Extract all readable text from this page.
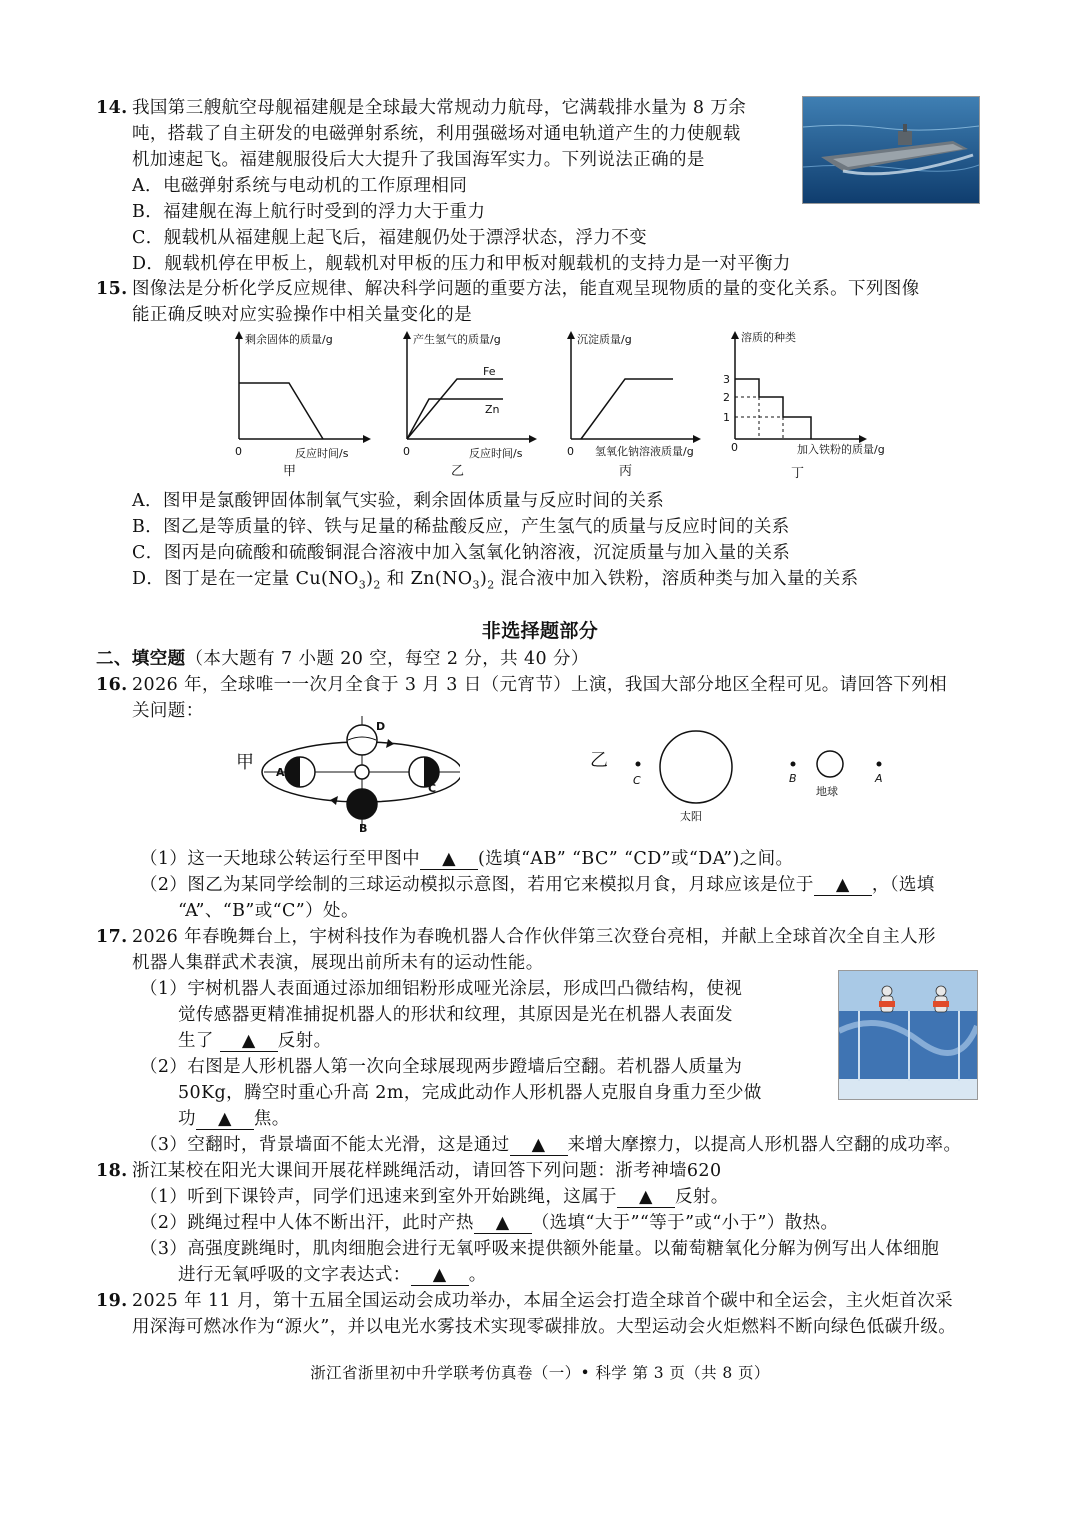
14. 我国第三艘航空母舰福建舰是全球最大常规动力航母，它满载排水量为 8 万余
吨，搭载了自主研发的电磁弹射系统，利用强磁场对通电轨道产生的力使舰载
机加速起飞。福建舰服役后大大提升了我国海军实力。下列说法正确的是
A．电磁弹射系统与电动机的工作原理相同
B．福建舰在海上航行时受到的浮力大于重力
C．舰载机从福建舰上起飞后，福建舰仍处于漂浮状态，浮力不变
D．舰载机停在甲板上，舰载机对甲板的压力和甲板对舰载机的支持力是一对平衡力
15. 图像法是分析化学反应规律、解决科学问题的重要方法，能直观呈现物质的量的变化关系。下列图像
能正确反映对应实验操作中相关量变化的是
剩余固体的质量/g
反应时间/s
0
产生氢气的质量/g
反应时间/s
0
Fe
Zn
沉淀质量/g
氢氧化钠溶液质量/g
0
溶质的种类
3
2
1
加入铁粉的质量/g
0
甲	乙	丙	丁
A．图甲是氯酸钾固体制氧气实验，剩余固体质量与反应时间的关系
B．图乙是等质量的锌、铁与足量的稀盐酸反应，产生氢气的质量与反应时间的关系
C．图丙是向硫酸和硫酸铜混合溶液中加入氢氧化钠溶液，沉淀质量与加入量的关系
D．图丁是在一定量 $Cu(NO_3)_2$ 和 $Zn(NO_3)_2$ 混合液中加入铁粉，溶质种类与加入量的关系
非选择题部分
二、填空题（本大题有 7 小题 20 空，每空 2 分，共 40 分）
16. 2026 年，全球唯一一次月全食于 3 月 3 日（元宵节）上演，我国大部分地区全程可见。请回答下列相
关问题：
甲 A
B
C
D
乙
C
太阳
B
地球
A
（1）这一天地球公转运行至甲图中 ▲ (选填“AB” “BC” “CD”或“DA”)之间。
（2）图乙为某同学绘制的三球运动模拟示意图，若用它来模拟月食，月球应该是位于 ▲ ，（选填
“A”、“B”或“C”）处。
17. 2026 年春晚舞台上，宇树科技作为春晚机器人合作伙伴第三次登台亮相，并献上全球首次全自主人形
机器人集群武术表演，展现出前所未有的运动性能。
（1）宇树机器人表面通过添加细铝粉形成哑光涂层，形成凹凸微结构，使视
觉传感器更精准捕捉机器人的形状和纹理，其原因是光在机器人表面发
生了 ▲ 反射。
（2）右图是人形机器人第一次向全球展现两步蹬墙后空翻。若机器人质量为
50Kg，腾空时重心升高 2m，完成此动作人形机器人克服自身重力至少做
功 ▲ 焦。
（3）空翻时，背景墙面不能太光滑，这是通过 ▲ 来增大摩擦力，以提高人形机器人空翻的成功率。
18. 浙江某校在阳光大课间开展花样跳绳活动，请回答下列问题：浙考神墙620
（1）听到下课铃声，同学们迅速来到室外开始跳绳，这属于 ▲ 反射。
（2）跳绳过程中人体不断出汗，此时产热 ▲ （选填“大于”“等于”或“小于”）散热。
（3）高强度跳绳时，肌肉细胞会进行无氧呼吸来提供额外能量。以葡萄糖氧化分解为例写出人体细胞
进行无氧呼吸的文字表达式： ▲ 。
19. 2025 年 11 月，第十五届全国运动会成功举办，本届全运会打造全球首个碳中和全运会，主火炬首次采
用深海可燃冰作为“源火”，并以电光水雾技术实现零碳排放。大型运动会火炬燃料不断向绿色低碳升级。
浙江省浙里初中升学联考仿真卷（一）• 科学 第 3 页（共 8 页）
